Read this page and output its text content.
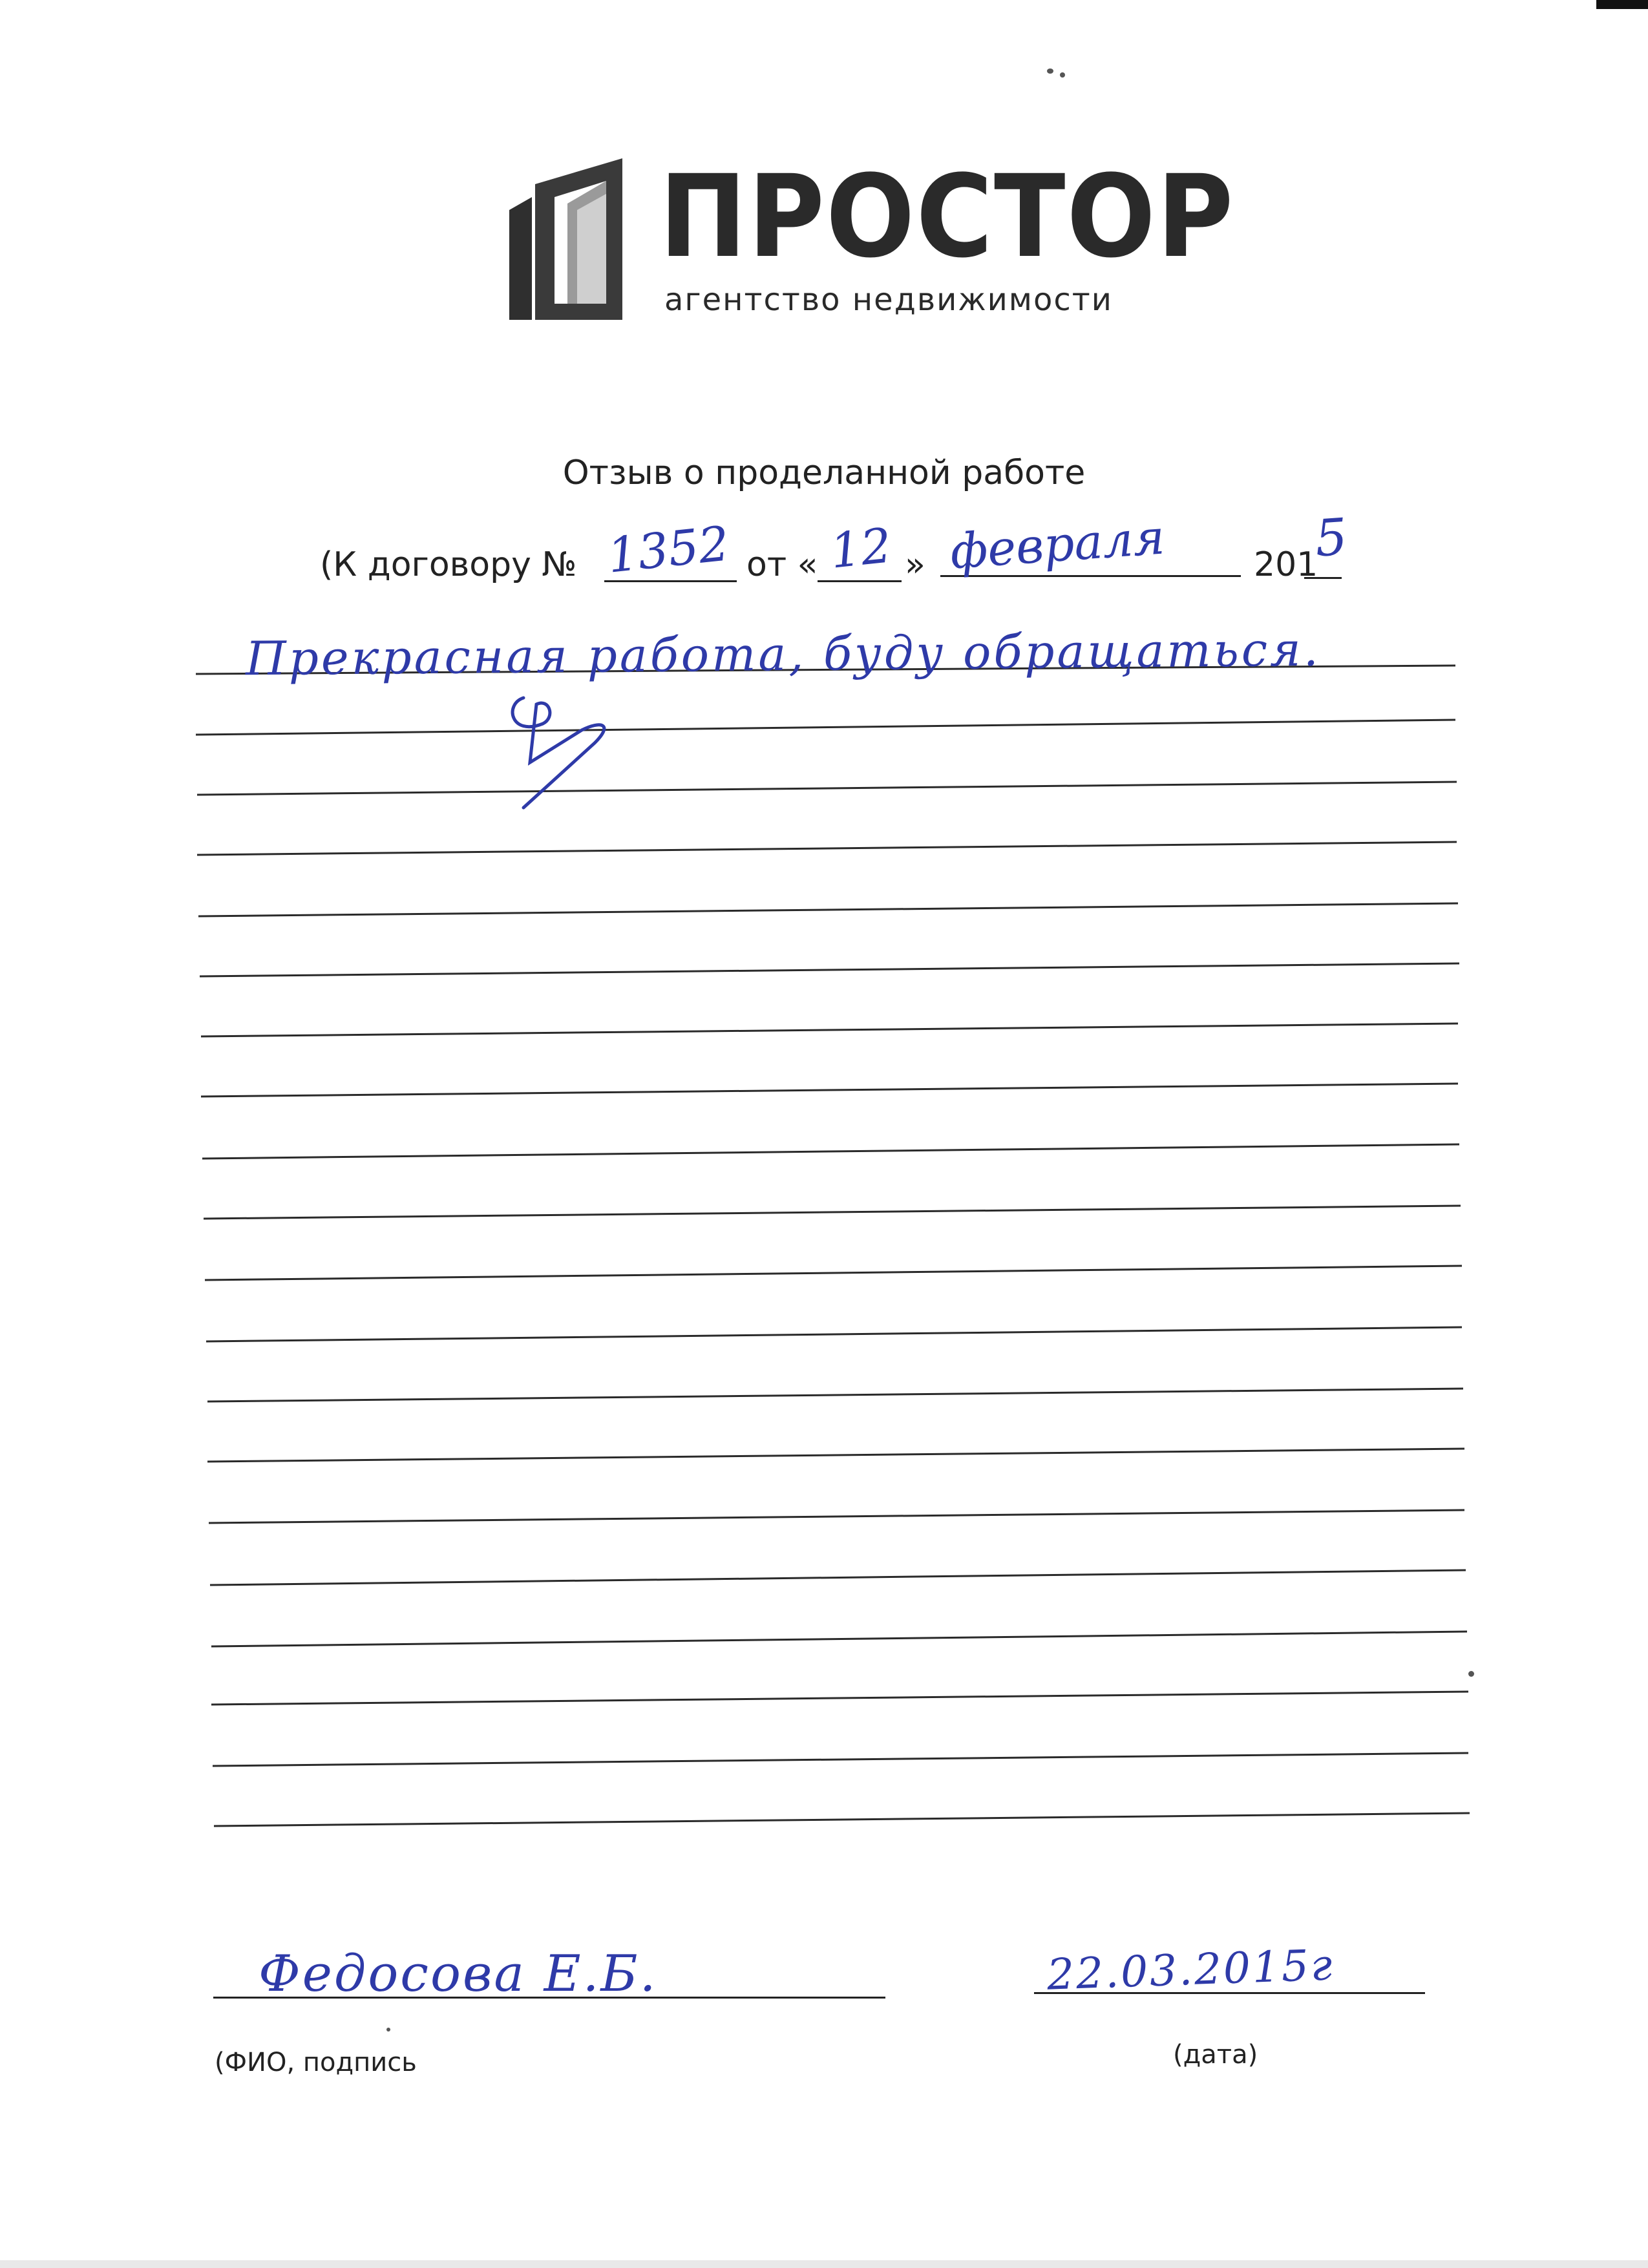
ПРОСТОР
агентство недвижимости
Отзыв о проделанной работе
(К договору № 1352 от « 12 » февраля	201
5
Прекрасная работа, буду обращаться.
Федосова Е.Б.	22.03.2015г
(ФИО, подпись	(дата)
